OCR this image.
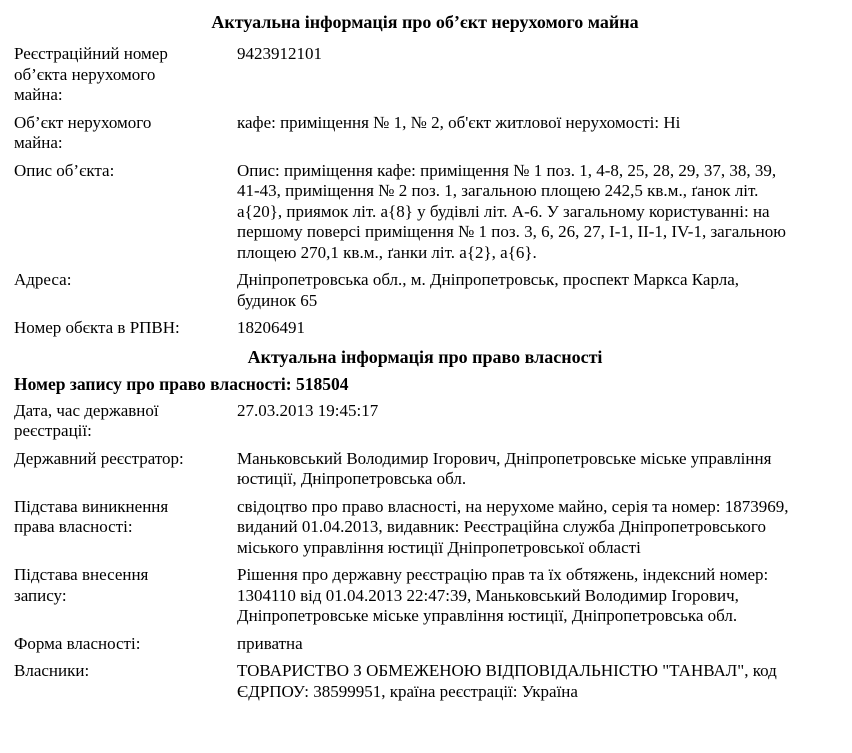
Актуальна інформація про об’єкт нерухомого майна
Реєстраційний номер об’єкта нерухомого майна:
9423912101
Об’єкт нерухомого майна:
кафе: приміщення № 1, № 2, об'єкт житлової нерухомості: Ні
Опис об’єкта:	Опис: приміщення кафе: приміщення № 1 поз. 1, 4-8, 25, 28, 29, 37, 38, 39, 41-43, приміщення № 2 поз. 1, загальною площею 242,5 кв.м., ґанок літ. а{20}, приямок літ. а{8} у будівлі літ. А-6. У загальному користуванні: на першому поверсі приміщення № 1 поз. 3, 6, 26, 27, I-1, II-1, IV-1, загальною площею 270,1 кв.м., ґанки літ. а{2}, а{6}.
Адреса:	Дніпропетровська обл., м. Дніпропетровськ, проспект Маркса Карла, будинок 65
Номер обєкта в РПВН:	18206491
Актуальна інформація про право власності
Номер запису про право власності: 518504
Дата, час державної реєстрації:
27.03.2013 19:45:17
Державний реєстратор:	Маньковський Володимир Ігорович, Дніпропетровське міське управління юстиції, Дніпропетровська обл.
Підстава виникнення права власності:
свідоцтво про право власності, на нерухоме майно, серія та номер: 1873969, виданий 01.04.2013, видавник: Реєстраційна служба Дніпропетровського міського управління юстиції Дніпропетровської області
Підстава внесення запису:
Рішення про державну реєстрацію прав та їх обтяжень, індексний номер: 1304110 від 01.04.2013 22:47:39, Маньковський Володимир Ігорович, Дніпропетровське міське управління юстиції, Дніпропетровська обл.
Форма власності:	приватна
Власники:	ТОВАРИСТВО З ОБМЕЖЕНОЮ ВІДПОВІДАЛЬНІСТЮ "ТАНВАЛ", код ЄДРПОУ: 38599951, країна реєстрації: Україна
